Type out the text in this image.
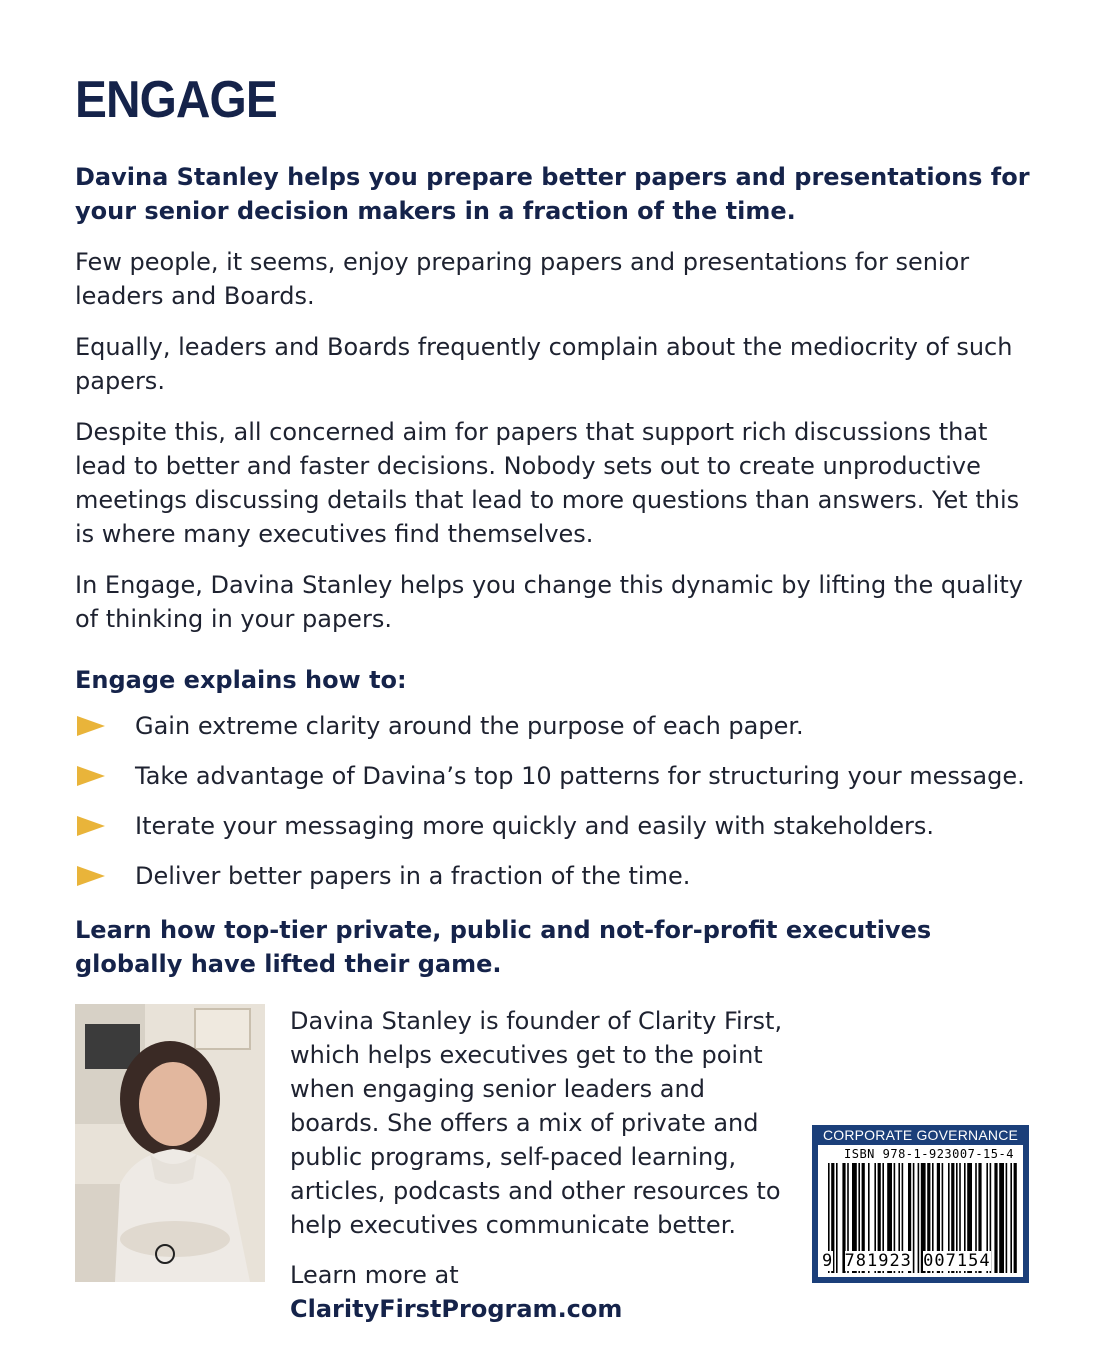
ENGAGE

Davina Stanley helps you prepare better papers and presentations for your senior decision makers in a fraction of the time.

Few people, it seems, enjoy preparing papers and presentations for senior leaders and Boards.

Equally, leaders and Boards frequently complain about the mediocrity of such papers.

Despite this, all concerned aim for papers that support rich discussions that lead to better and faster decisions. Nobody sets out to create unproductive meetings discussing details that lead to more questions than answers. Yet this is where many executives find themselves.

In Engage, Davina Stanley helps you change this dynamic by lifting the quality of thinking in your papers.

Engage explains how to:

Gain extreme clarity around the purpose of each paper.
Take advantage of Davina’s top 10 patterns for structuring your message.
Iterate your messaging more quickly and easily with stakeholders.
Deliver better papers in a fraction of the time.

Learn how top-tier private, public and not-for-profit executives globally have lifted their game.

Davina Stanley is founder of Clarity First, which helps executives get to the point when engaging senior leaders and boards. She offers a mix of private and public programs, self-paced learning, articles, podcasts and other resources to help executives communicate better.

Learn more at ClarityFirstProgram.com

CORPORATE GOVERNANCE
ISBN 978-1-923007-15-4
9 781923 007154
